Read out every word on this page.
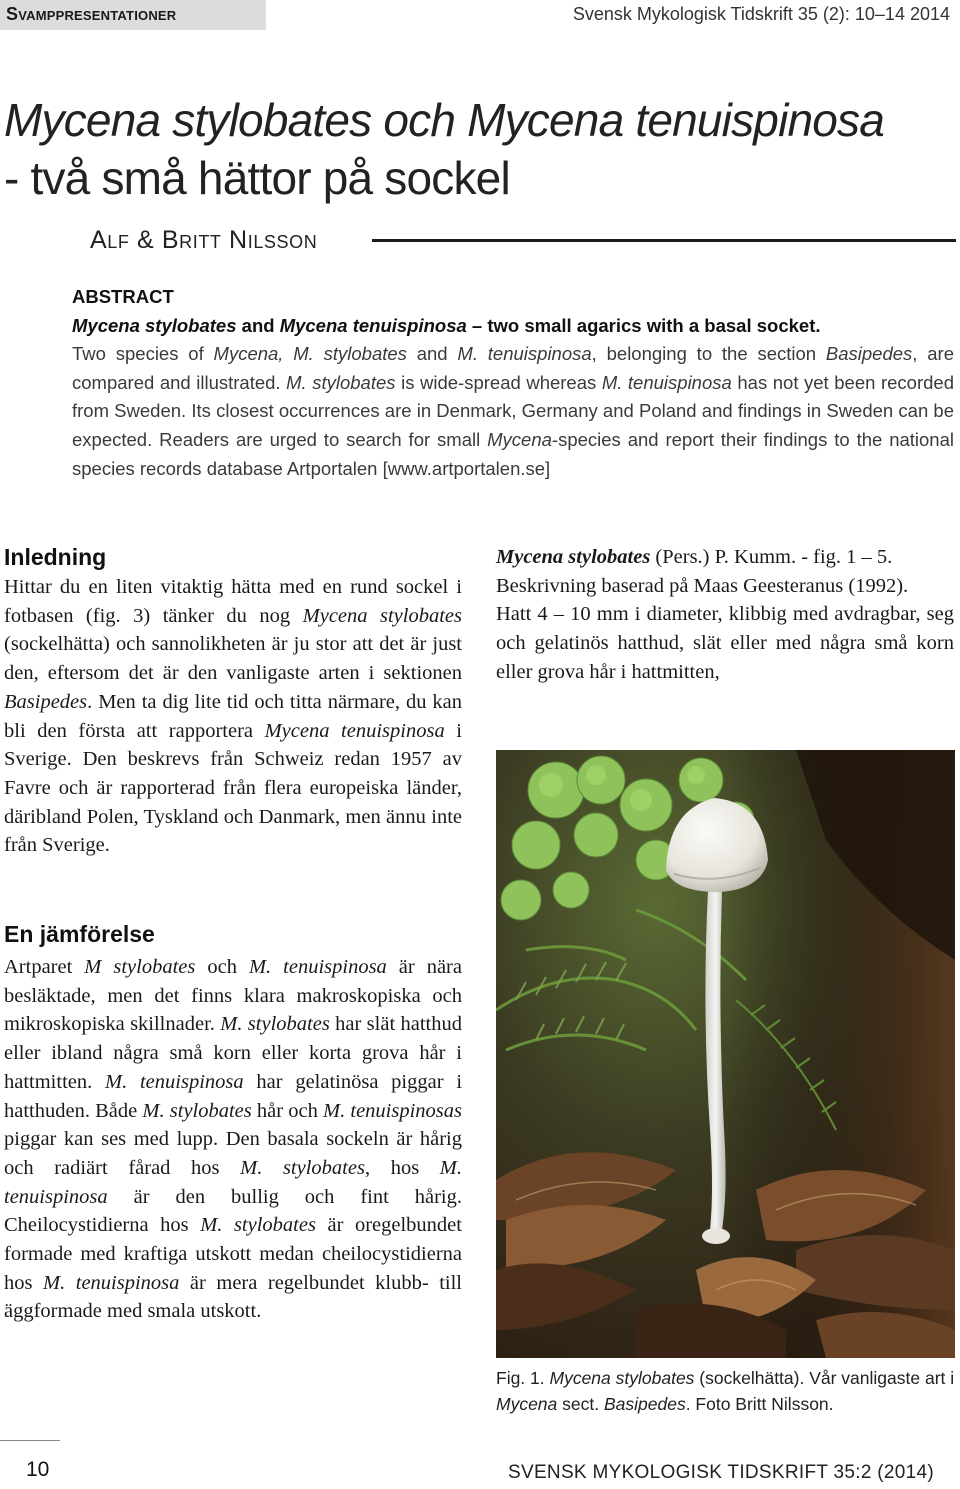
Svamppresentationer	Svensk Mykologisk Tidskrift 35 (2): 10–14 2014
Mycena stylobates och Mycena tenuispinosa
- två små hättor på sockel
Alf & Britt Nilsson
ABSTRACT
Mycena stylobates and Mycena tenuispinosa – two small agarics with a basal socket.
Two species of Mycena, M. stylobates and M. tenuispinosa, belonging to the section Basipedes, are compared and illustrated. M. stylobates is wide-spread whereas M. tenuispinosa has not yet been recorded from Sweden. Its closest occurrences are in Denmark, Germany and Poland and findings in Sweden can be expected. Readers are urged to search for small Mycena-species and report their findings to the national species records database Artportalen [www.artportalen.se]
Inledning

Hittar du en liten vitaktig hätta med en rund sockel i fotbasen (fig. 3) tänker du nog Mycena stylobates (sockelhätta) och sannolikheten är ju stor att det är just den, eftersom det är den vanligaste arten i sektionen Basipedes. Men ta dig lite tid och titta närmare, du kan bli den första att rapportera Mycena tenuispinosa i Sverige. Den beskrevs från Schweiz redan 1957 av Favre och är rapporterad från flera europeiska länder, däribland Polen, Tyskland och Danmark, men ännu inte från Sverige.

En jämförelse

Artparet M stylobates och M. tenuispinosa är nära besläktade, men det finns klara makroskopiska och mikroskopiska skillnader. M. stylobates har slät hatthud eller ibland några små korn eller korta grova hår i hattmitten. M. tenuispinosa har gelatinösa piggar i hatthuden. Både M. stylobates hår och M. tenuispinosas piggar kan ses med lupp. Den basala sockeln är hårig och radiärt fårad hos M. stylobates, hos M. tenuispinosa är den bullig och fint hårig. Cheilocystidierna hos M. stylobates är oregelbundet formade med kraftiga utskott medan cheilocystidierna hos M. tenuispinosa är mera regelbundet klubb- till äggformade med smala utskott.

Mycena stylobates (Pers.) P. Kumm. - fig. 1 – 5.
Beskrivning baserad på Maas Geesteranus (1992).
Hatt 4 – 10 mm i diameter, klibbig med avdragbar, seg och gelatinös hatthud, slät eller med några små korn eller grova hår i hattmitten,
Fig. 1. Mycena stylobates (sockelhätta). Vår vanligaste art i Mycena sect. Basipedes. Foto Britt Nilsson.
10	SVENSK MYKOLOGISK TIDSKRIFT 35:2 (2014)
